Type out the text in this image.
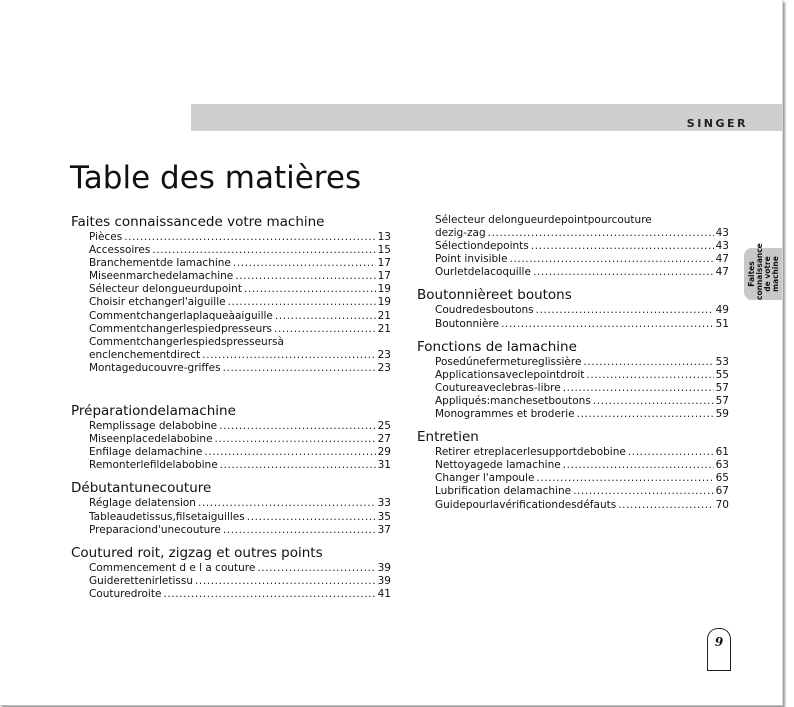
SINGER
Table des matières
Faites connaissancede votre machine
Pièces .....	13
Accessoires .....	15
Branchementde lamachine .....	17
Miseenmarchedelamachine .....	17
Sélecteur delongueurdupoint .....	19
Choisir etchangerl'aiguille .....	19
Commentchangerlaplaqueàaiguille .....	21
Commentchangerlespiedpresseurs .....	21
Commentchangerlespiedspresseursà
enclenchementdirect .....	23
Montageducouvre-griffes .....	23
Préparationdelamachine
Remplissage delabobine .....	25
Miseenplacedelabobine .....	27
Enfilage delamachine .....	29
Remonterlefildelabobine .....	31
Débutantunecouture
Réglage delatension .....	33
Tableaudetissus,filsetaiguilles .....	35
Preparaciond'unecouture .....	37
Coutured roit, zigzag et outres points
Commencement d e l a couture .....	39
Guiderettenirletissu .....	39
Couturedroite .....	41
Sélecteur delongueurdepointpourcouture
dezig-zag .....	43
Sélectiondepoints .....	43
Point invisible .....	47
Ourletdelacoquille .....	47
Boutonnièreet boutons
Coudredesboutons .....	49
Boutonnière .....	51
Fonctions de lamachine
Posedúnefermetureglissière .....	53
Applicationsaveclepointdroit .....	55
Coutureaveclebras-libre .....	57
Appliqués:manchesetboutons .....	57
Monogrammes et broderie .....	59
Entretien
Retirer etreplacerlesupportdebobine .....	61
Nettoyagede lamachine .....	63
Changer l'ampoule .....	65
Lubrification delamachine .....	67
Guidepourlavérificationdesdéfauts .....	70
Faites connaissance de votre machine
9
